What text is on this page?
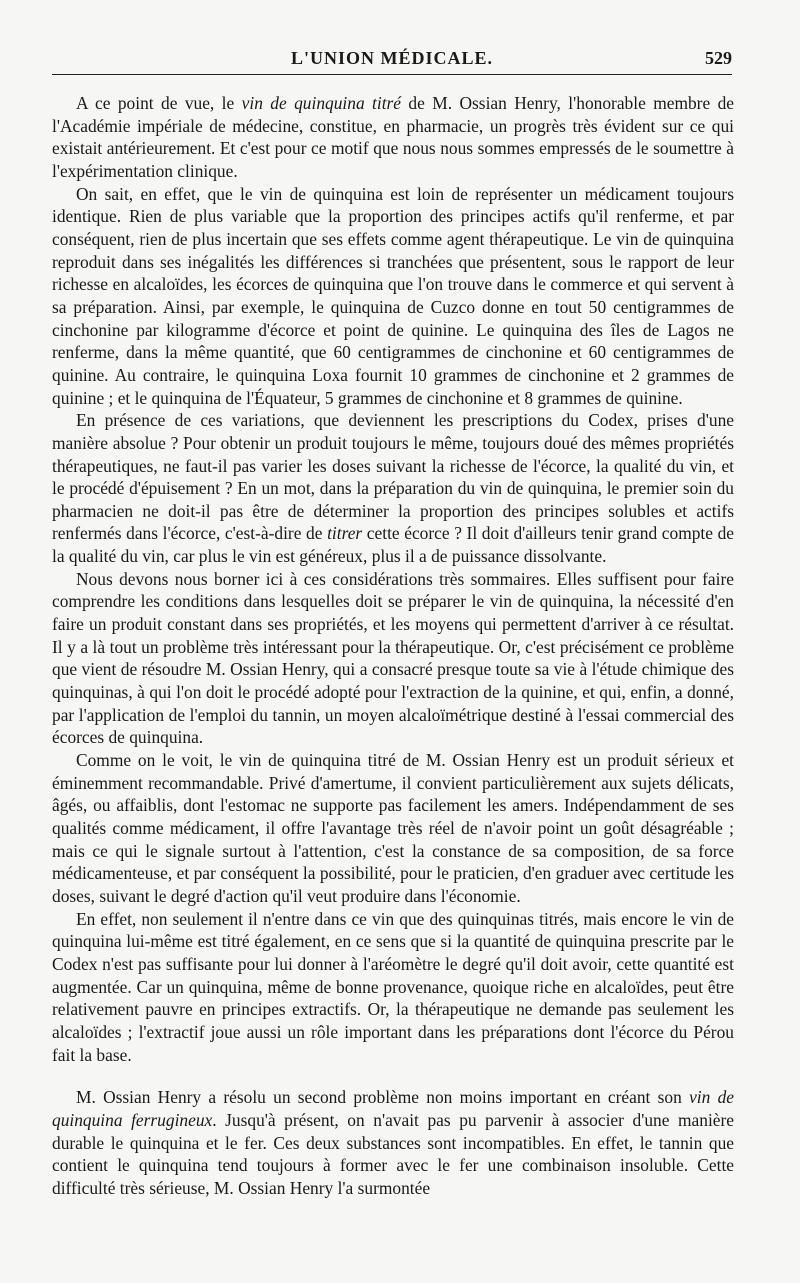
L'UNION MÉDICALE.	529

A ce point de vue, le vin de quinquina titré de M. Ossian Henry, l'honorable membre de l'Académie impériale de médecine, constitue, en pharmacie, un progrès très évident sur ce qui existait antérieurement. Et c'est pour ce motif que nous nous sommes empressés de le soumettre à l'expérimentation clinique.

On sait, en effet, que le vin de quinquina est loin de représenter un médicament toujours identique. Rien de plus variable que la proportion des principes actifs qu'il renferme, et par conséquent, rien de plus incertain que ses effets comme agent thérapeutique. Le vin de quinquina reproduit dans ses inégalités les différences si tranchées que présentent, sous le rapport de leur richesse en alcaloïdes, les écorces de quinquina que l'on trouve dans le commerce et qui servent à sa préparation. Ainsi, par exemple, le quinquina de Cuzco donne en tout 50 centigrammes de cinchonine par kilogramme d'écorce et point de quinine. Le quinquina des îles de Lagos ne renferme, dans la même quantité, que 60 centigrammes de cinchonine et 60 centigrammes de quinine. Au contraire, le quinquina Loxa fournit 10 grammes de cinchonine et 2 grammes de quinine ; et le quinquina de l'Équateur, 5 grammes de cinchonine et 8 grammes de quinine.

En présence de ces variations, que deviennent les prescriptions du Codex, prises d'une manière absolue ? Pour obtenir un produit toujours le même, toujours doué des mêmes propriétés thérapeutiques, ne faut-il pas varier les doses suivant la richesse de l'écorce, la qualité du vin, et le procédé d'épuisement ? En un mot, dans la préparation du vin de quinquina, le premier soin du pharmacien ne doit-il pas être de déterminer la proportion des principes solubles et actifs renfermés dans l'écorce, c'est-à-dire de titrer cette écorce ? Il doit d'ailleurs tenir grand compte de la qualité du vin, car plus le vin est généreux, plus il a de puissance dissolvante.

Nous devons nous borner ici à ces considérations très sommaires. Elles suffisent pour faire comprendre les conditions dans lesquelles doit se préparer le vin de quinquina, la nécessité d'en faire un produit constant dans ses propriétés, et les moyens qui permettent d'arriver à ce résultat. Il y a là tout un problème très intéressant pour la thérapeutique. Or, c'est précisément ce problème que vient de résoudre M. Ossian Henry, qui a consacré presque toute sa vie à l'étude chimique des quinquinas, à qui l'on doit le procédé adopté pour l'extraction de la quinine, et qui, enfin, a donné, par l'application de l'emploi du tannin, un moyen alcaloïmétrique destiné à l'essai commercial des écorces de quinquina.

Comme on le voit, le vin de quinquina titré de M. Ossian Henry est un produit sérieux et éminemment recommandable. Privé d'amertume, il convient particulièrement aux sujets délicats, âgés, ou affaiblis, dont l'estomac ne supporte pas facilement les amers. Indépendamment de ses qualités comme médicament, il offre l'avantage très réel de n'avoir point un goût désagréable ; mais ce qui le signale surtout à l'attention, c'est la constance de sa composition, de sa force médicamenteuse, et par conséquent la possibilité, pour le praticien, d'en graduer avec certitude les doses, suivant le degré d'action qu'il veut produire dans l'économie.

En effet, non seulement il n'entre dans ce vin que des quinquinas titrés, mais encore le vin de quinquina lui-même est titré également, en ce sens que si la quantité de quinquina prescrite par le Codex n'est pas suffisante pour lui donner à l'aréomètre le degré qu'il doit avoir, cette quantité est augmentée. Car un quinquina, même de bonne provenance, quoique riche en alcaloïdes, peut être relativement pauvre en principes extractifs. Or, la thérapeutique ne demande pas seulement les alcaloïdes ; l'extractif joue aussi un rôle important dans les préparations dont l'écorce du Pérou fait la base.

M. Ossian Henry a résolu un second problème non moins important en créant son vin de quinquina ferrugineux. Jusqu'à présent, on n'avait pas pu parvenir à associer d'une manière durable le quinquina et le fer. Ces deux substances sont incompatibles. En effet, le tannin que contient le quinquina tend toujours à former avec le fer une combinaison insoluble. Cette difficulté très sérieuse, M. Ossian Henry l'a surmontée
